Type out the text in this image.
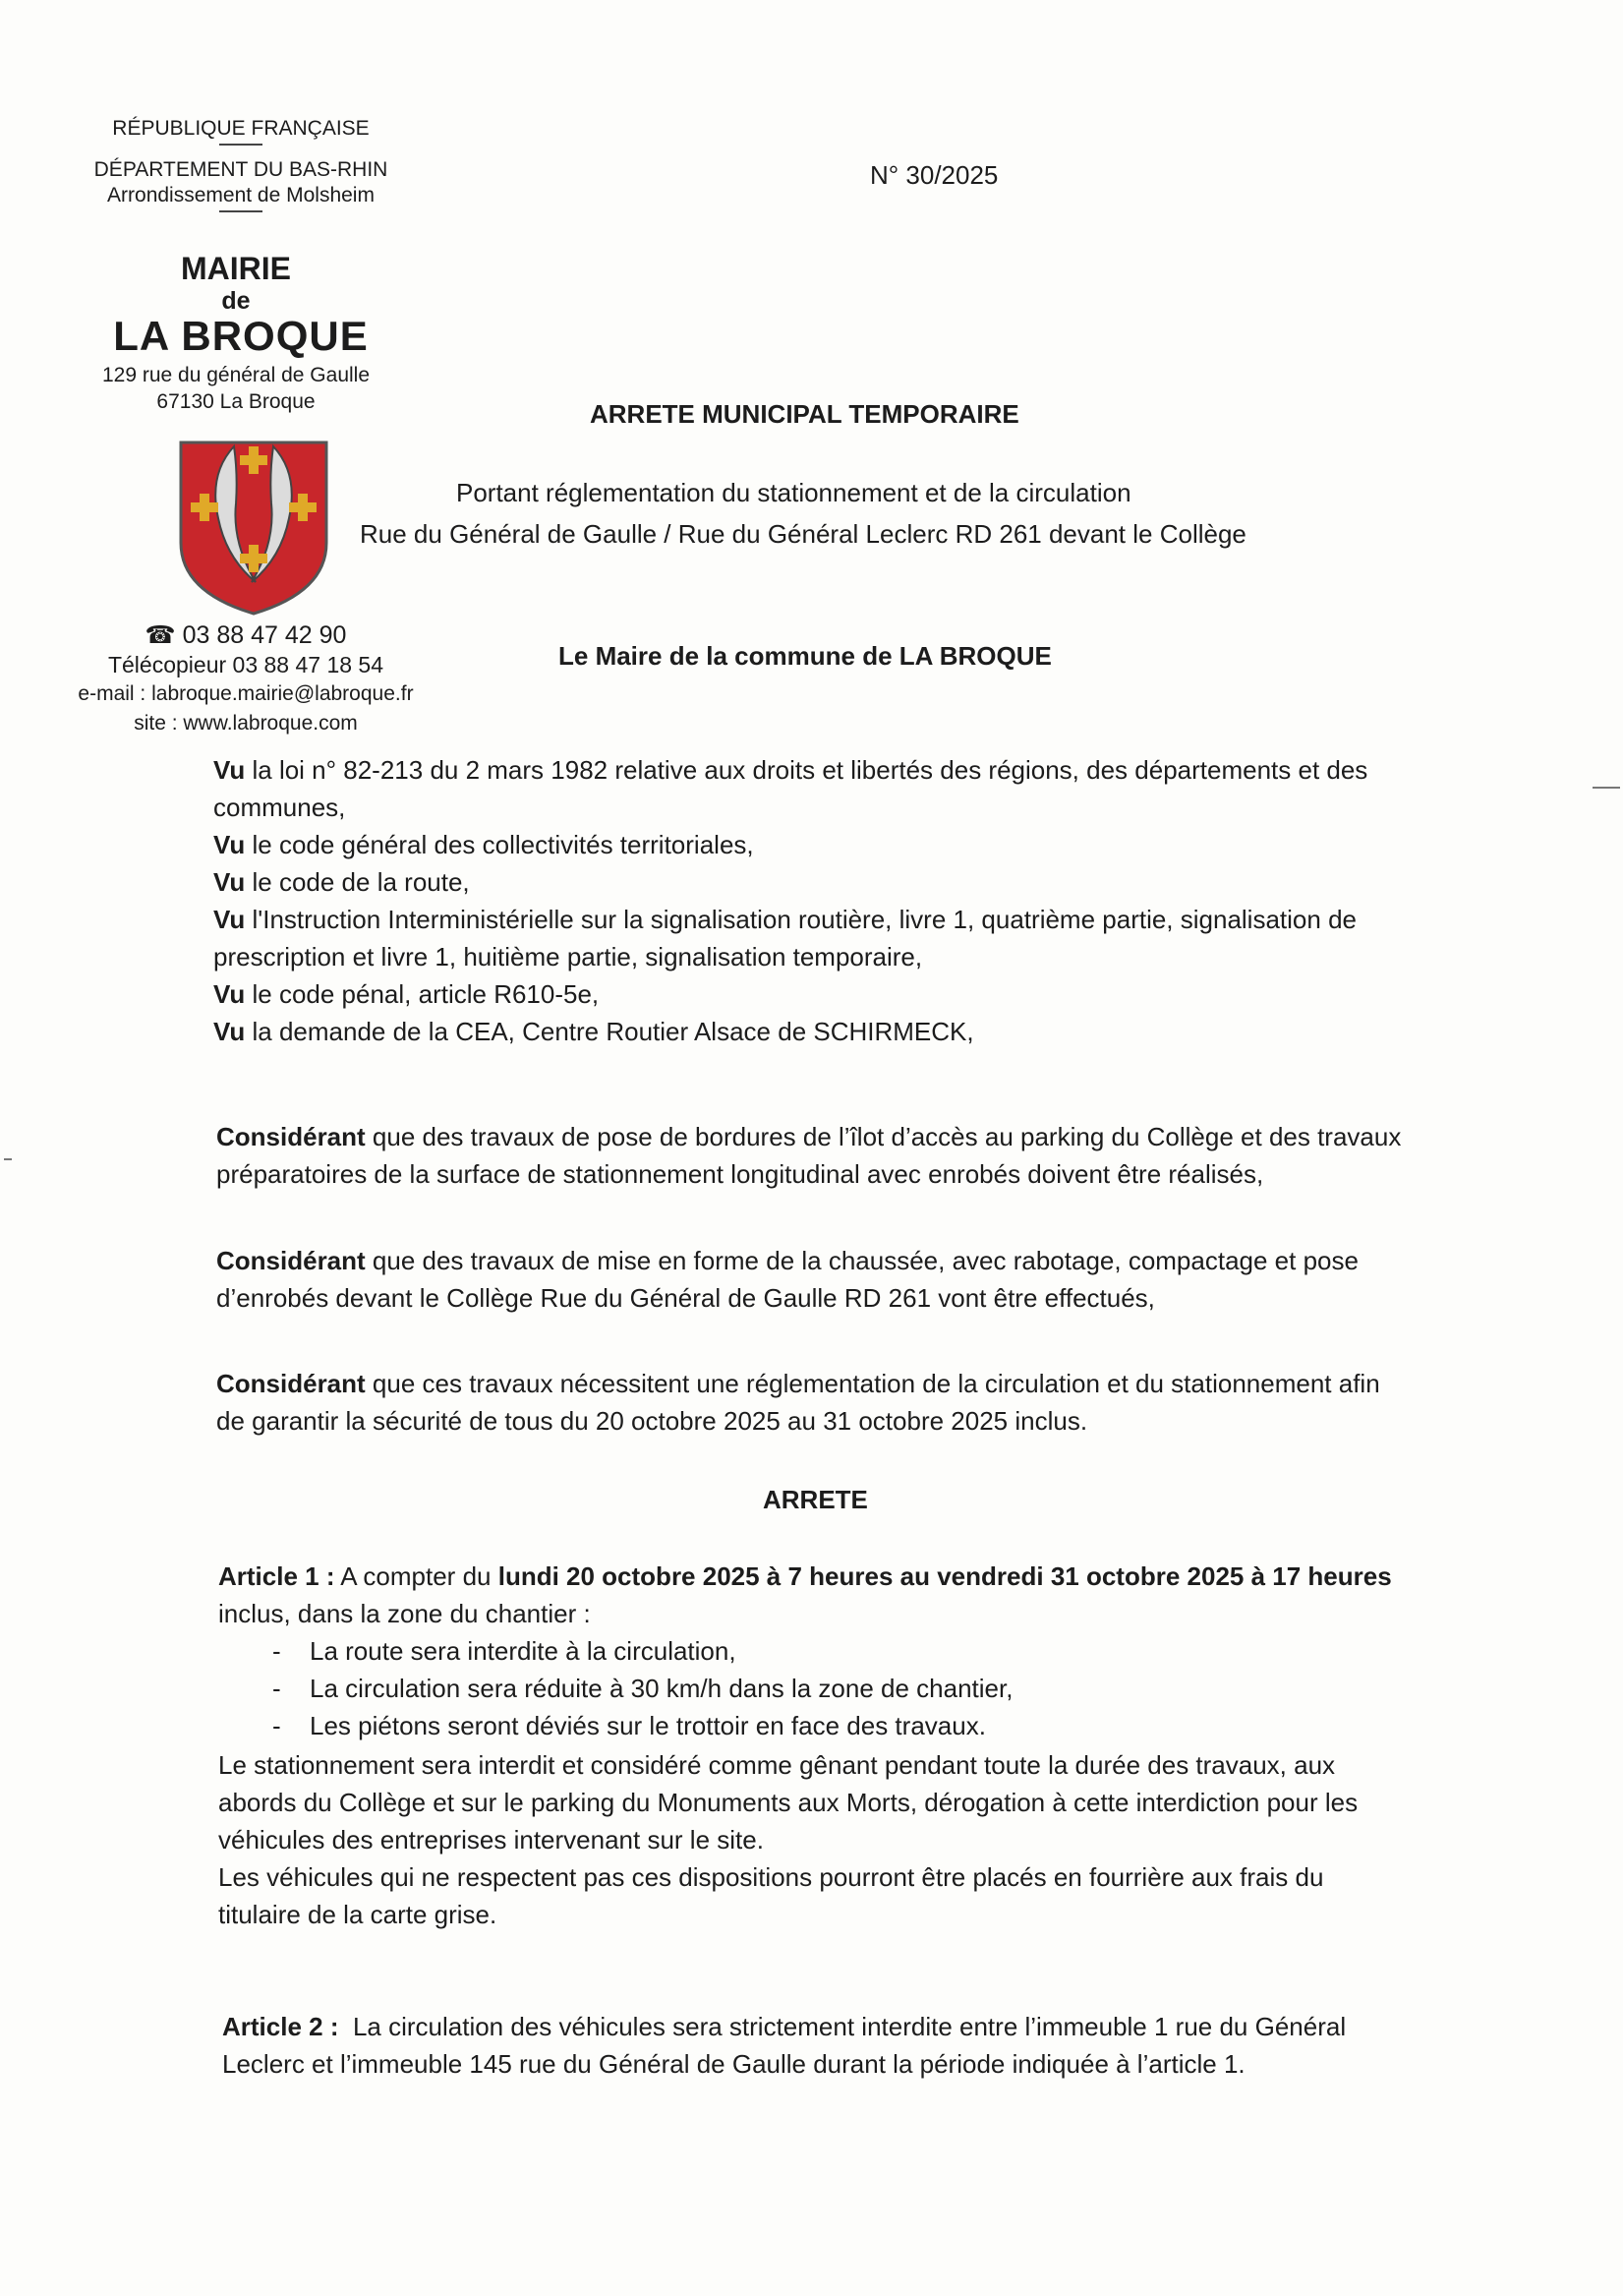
RÉPUBLIQUE FRANÇAISE
DÉPARTEMENT DU BAS-RHIN
Arrondissement de Molsheim
MAIRIE
de
LA BROQUE
129 rue du général de Gaulle
67130 La Broque
☎ 03 88 47 42 90
Télécopieur 03 88 47 18 54
e-mail : labroque.mairie@labroque.fr
site : www.labroque.com
N° 30/2025
ARRETE MUNICIPAL TEMPORAIRE
Portant réglementation du stationnement et de la circulation
Rue du Général de Gaulle / Rue du Général Leclerc RD 261 devant le Collège
Le Maire de la commune de LA BROQUE
Vu la loi n° 82-213 du 2 mars 1982 relative aux droits et libertés des régions, des départements et des
communes,
Vu le code général des collectivités territoriales,
Vu le code de la route,
Vu l'Instruction Interministérielle sur la signalisation routière, livre 1, quatrième partie, signalisation de
prescription et livre 1, huitième partie, signalisation temporaire,
Vu le code pénal, article R610-5e,
Vu la demande de la CEA, Centre Routier Alsace de SCHIRMECK,
Considérant que des travaux de pose de bordures de l’îlot d’accès au parking du Collège et des travaux
préparatoires de la surface de stationnement longitudinal avec enrobés doivent être réalisés,
Considérant que des travaux de mise en forme de la chaussée, avec rabotage, compactage et pose
d’enrobés devant le Collège Rue du Général de Gaulle RD 261 vont être effectués,
Considérant que ces travaux nécessitent une réglementation de la circulation et du stationnement afin
de garantir la sécurité de tous du 20 octobre 2025 au 31 octobre 2025 inclus.
ARRETE
Article 1 : A compter du lundi 20 octobre 2025 à 7 heures au vendredi 31 octobre 2025 à 17 heures
inclus, dans la zone du chantier :
- La route sera interdite à la circulation,
- La circulation sera réduite à 30 km/h dans la zone de chantier,
- Les piétons seront déviés sur le trottoir en face des travaux.
Le stationnement sera interdit et considéré comme gênant pendant toute la durée des travaux, aux
abords du Collège et sur le parking du Monuments aux Morts, dérogation à cette interdiction pour les
véhicules des entreprises intervenant sur le site.
Les véhicules qui ne respectent pas ces dispositions pourront être placés en fourrière aux frais du
titulaire de la carte grise.
Article 2 :  La circulation des véhicules sera strictement interdite entre l’immeuble 1 rue du Général
Leclerc et l’immeuble 145 rue du Général de Gaulle durant la période indiquée à l’article 1.
